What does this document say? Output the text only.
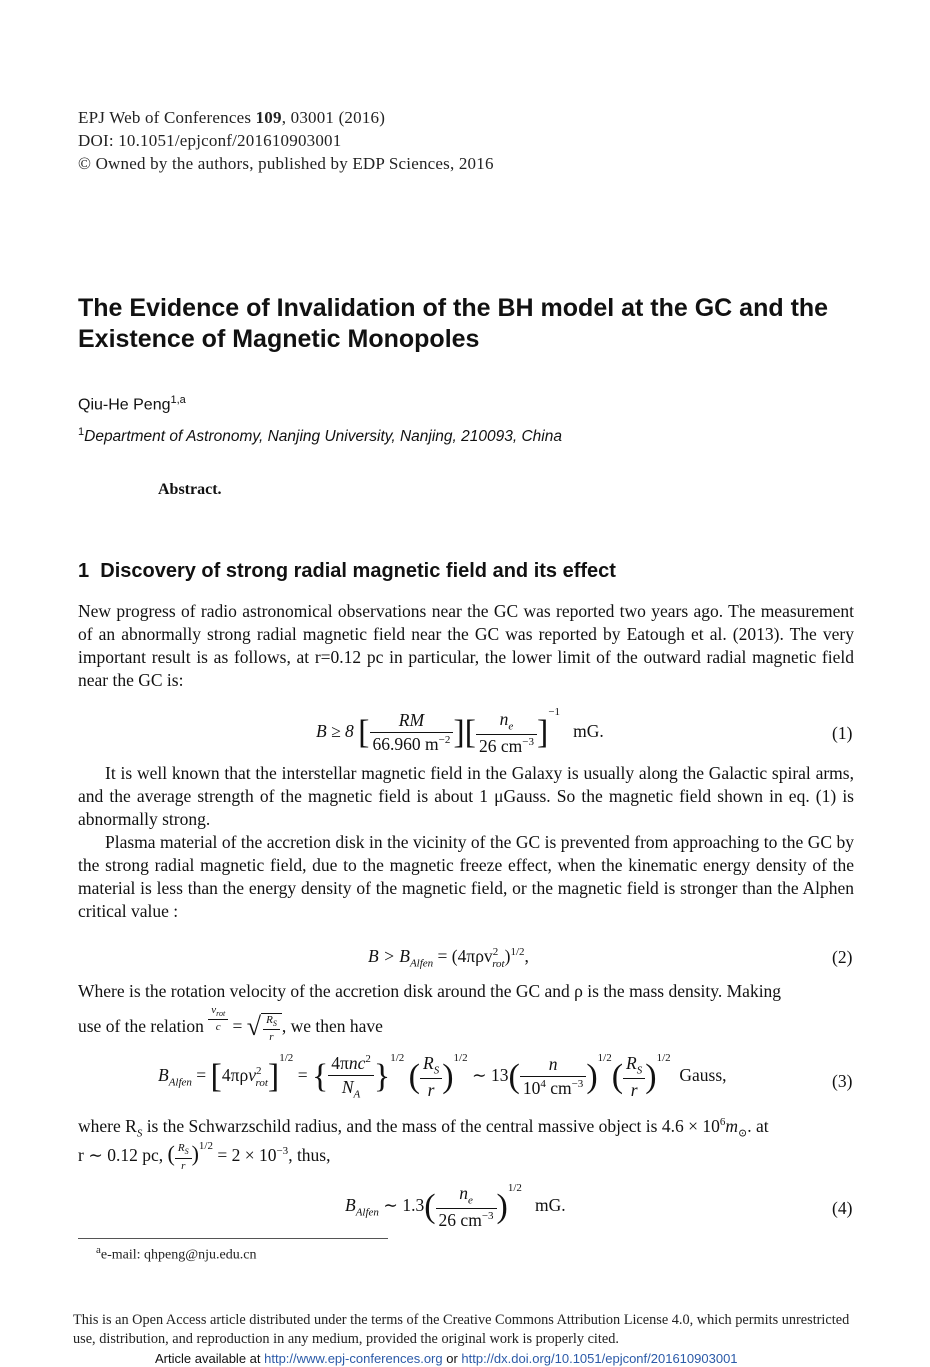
EPJ Web of Conferences 109, 03001 (2016)
DOI: 10.1051/epjconf/201610903001
© Owned by the authors, published by EDP Sciences, 2016
The Evidence of Invalidation of the BH model at the GC and the Existence of Magnetic Monopoles
Qiu-He Peng$^{1,a}$
$^1$Department of Astronomy, Nanjing University, Nanjing, 210093, China
Abstract.
1 Discovery of strong radial magnetic field and its effect
New progress of radio astronomical observations near the GC was reported two years ago. The measurement of an abnormally strong radial magnetic field near the GC was reported by Eatough et al. (2013). The very important result is as follows, at r=0.12 pc in particular, the lower limit of the outward radial magnetic field near the GC is:
B ≥ 8 [ $\frac{RM}{66.960 m^{-2}}$ ][ $\frac{n_e}{26 cm^{-3}} ]^{-1}$   mG.	(1)
It is well known that the interstellar magnetic field in the Galaxy is usually along the Galactic spiral arms, and the average strength of the magnetic field is about 1 μGauss. So the magnetic field shown in eq. (1) is abnormally strong.
Plasma material of the accretion disk in the vicinity of the GC is prevented from approaching to the GC by the strong radial magnetic field, due to the magnetic freeze effect, when the kinematic energy density of the material is less than the energy density of the magnetic field, or the magnetic field is stronger than the Alphen critical value :
$B > B_{Alfen} = (4\pi\rho v^2_{rot})^{1/2}$,	(2)
Where is the rotation velocity of the accretion disk around the GC and ρ is the mass density. Making
use of the relation $\frac{v_{rot}}{c}$ = √ $\frac{R_S}{r}$ , we then have
$B_{Alfen} = [4\pi\rho v^2_{rot}]^{1/2}$ = { $\frac{4\pi nc^2}{N_A} \}^{1/2}$ ( $\frac{R_S}{r} )^{1/2}$ ∼ $13( \frac{n}{10^4 cm^{-3}} )^{1/2}( \frac{R_S}{r} )^{1/2}$  Gauss,	(3)
where $R_S$ is the Schwarzschild radius, and the mass of the central massive object is $4.6 \times 10^6m_⊙$. at
r ∼ 0.12 pc, ( $\frac{R_S}{r} )^{1/2} = 2 \times 10^{-3}$, thus,
$B_{Alfen}$ ∼ $1.3( \frac{n_e}{26 cm^{-3}} )^{1/2}$   mG.	(4)
$^a$e-mail: qhpeng@nju.edu.cn
This is an Open Access article distributed under the terms of the Creative Commons Attribution License 4.0, which permits unrestricted use, distribution, and reproduction in any medium, provided the original work is properly cited.
Article available at http://www.epj-conferences.org or http://dx.doi.org/10.1051/epjconf/201610903001
